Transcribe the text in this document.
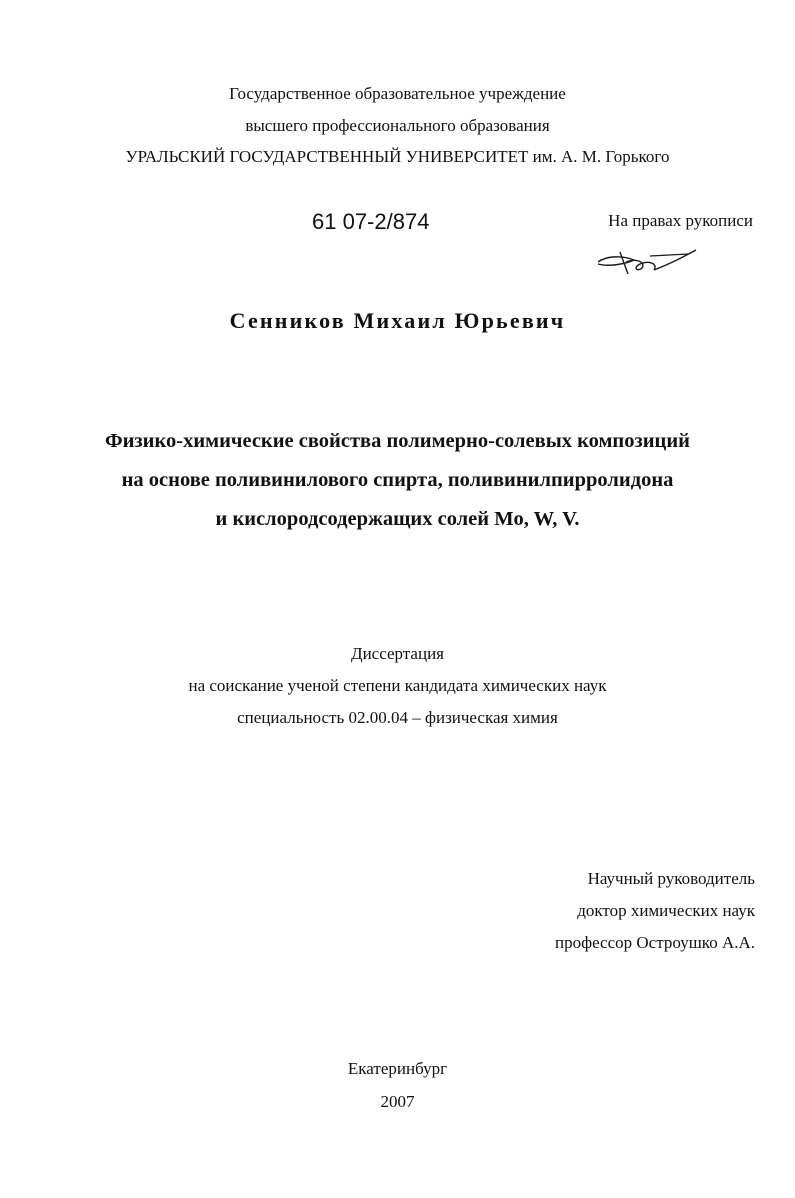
Государственное образовательное учреждение
высшего профессионального образования
УРАЛЬСКИЙ ГОСУДАРСТВЕННЫЙ УНИВЕРСИТЕТ им. А. М. Горького
61 07-2/874	На правах рукописи
Сенников Михаил Юрьевич
Физико-химические свойства полимерно-солевых композиций
на основе поливинилового спирта, поливинилпирролидона
и кислородсодержащих солей Mo, W, V.
Диссертация
на соискание ученой степени кандидата химических наук
специальность 02.00.04 – физическая химия
Научный руководитель
доктор химических наук
профессор Остроушко А.А.
Екатеринбург
2007
